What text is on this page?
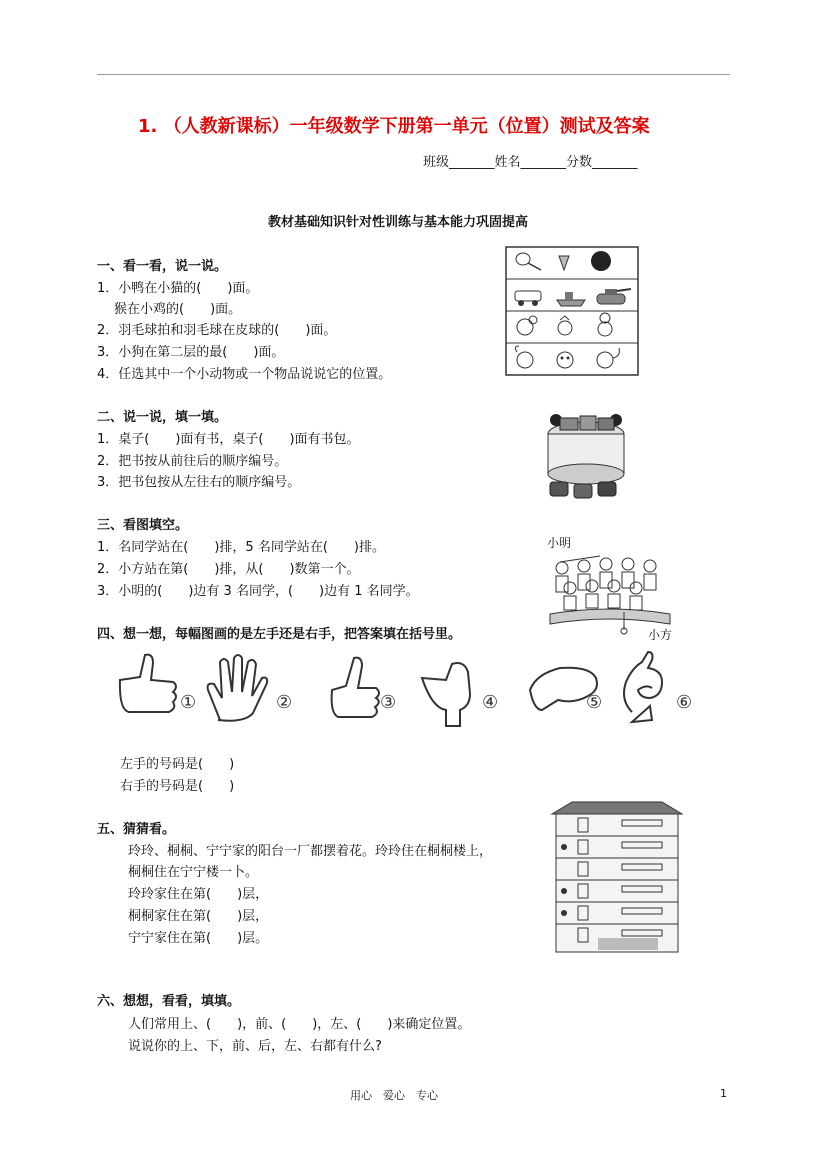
1. （人教新课标）一年级数学下册第一单元（位置）测试及答案
班级_______姓名_______分数_______
教材基础知识针对性训练与基本能力巩固提高
一、看一看，说一说。
1．小鸭在小猫的(　　)面。
猴在小鸡的(　　)面。
2．羽毛球拍和羽毛球在皮球的(　　)面。
3．小狗在第二层的最(　　)面。
4．任选其中一个小动物或一个物品说说它的位置。
二、说一说，填一填。
1．桌子(　　)面有书，桌子(　　)面有书包。
2．把书按从前往后的顺序编号。
3．把书包按从左往右的顺序编号。
三、看图填空。
1．名同学站在(　　)排，5 名同学站在(　　)排。
2．小方站在第(　　)排，从(　　)数第一个。
3．小明的(　　)边有 3 名同学，(　　)边有 1 名同学。
小明
小方
四、想一想，每幅图画的是左手还是右手，把答案填在括号里。
①	②	③	④	⑤	⑥
左手的号码是(　　)
右手的号码是(　　)
五、猜猜看。
玲玲、桐桐、宁宁家的阳台一厂都摆着花。玲玲住在桐桐楼上，
桐桐住在宁宁楼一卜。
玲玲家住在第(　　)层，
桐桐家住在第(　　)层，
宁宁家住在第(　　)层。
六、想想，看看，填填。
人们常用上、(　　)，前、(　　)，左、(　　)来确定位置。
说说你的上、下，前、后，左、右都有什么?
用心　爱心　专心	1
